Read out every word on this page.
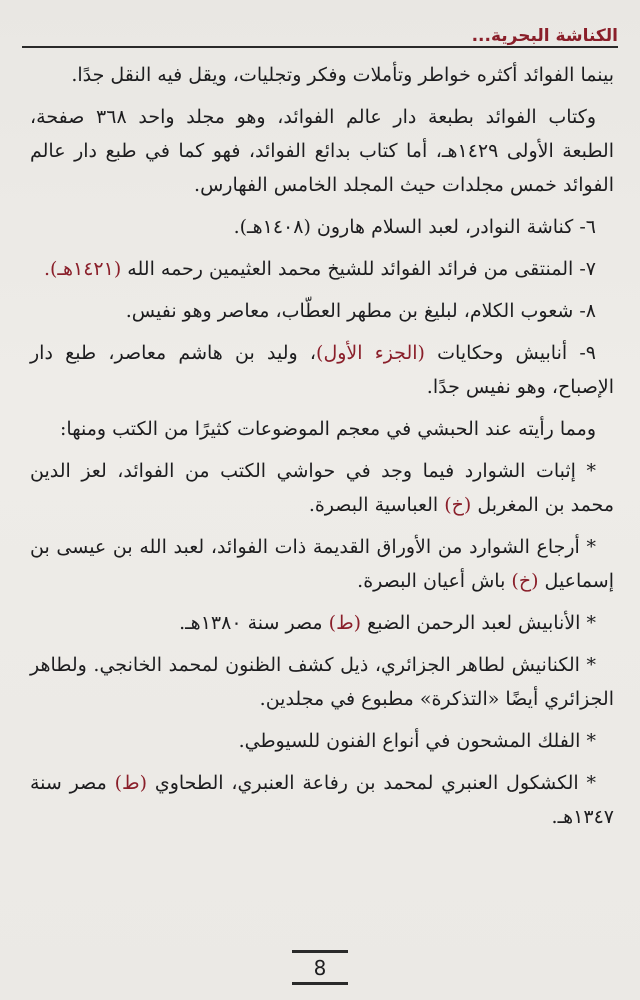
الكناشة البحرية...

بينما الفوائد أكثره خواطر وتأملات وفكر وتجليات، ويقل فيه النقل جدًا.

وكتاب الفوائد بطبعة دار عالم الفوائد، وهو مجلد واحد ٣٦٨ صفحة، الطبعة الأولى ١٤٢٩هـ، أما كتاب بدائع الفوائد، فهو كما في طبع دار عالم الفوائد خمس مجلدات حيث المجلد الخامس الفهارس.

٦- كناشة النوادر، لعبد السلام هارون (١٤٠٨هـ).

٧- المنتقى من فرائد الفوائد للشيخ محمد العثيمين رحمه الله (١٤٢١هـ).

٨- شعوب الكلام، لبليغ بن مطهر العطّاب، معاصر وهو نفيس.

٩- أنابيش وحكايات (الجزء الأول)، وليد بن هاشم معاصر، طبع دار الإصباح، وهو نفيس جدًا.

ومما رأيته عند الحبشي في معجم الموضوعات كثيرًا من الكتب ومنها:

* إثبات الشوارد فيما وجد في حواشي الكتب من الفوائد، لعز الدين محمد بن المغربل (خ) العباسية البصرة.

* أرجاع الشوارد من الأوراق القديمة ذات الفوائد، لعبد الله بن عيسى بن إسماعيل (خ) باش أعيان البصرة.

* الأنابيش لعبد الرحمن الضبع (ط) مصر سنة ١٣٨٠هـ.

* الكنانيش لطاهر الجزائري، ذيل كشف الظنون لمحمد الخانجي. ولطاهر الجزائري أيضًا «التذكرة» مطبوع في مجلدين.

* الفلك المشحون في أنواع الفنون للسيوطي.

* الكشكول العنبري لمحمد بن رفاعة العنبري، الطحاوي (ط) مصر سنة ١٣٤٧هـ.

8
